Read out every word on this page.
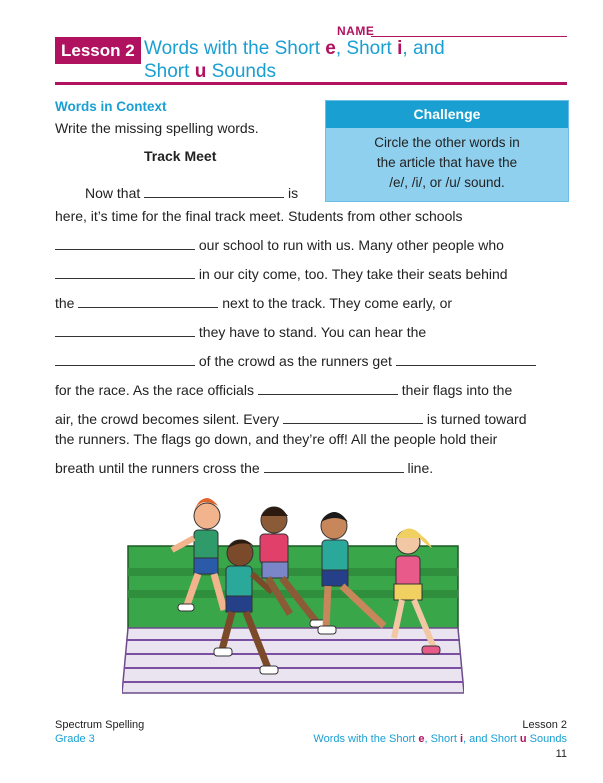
NAME
Lesson 2 Words with the Short e, Short i, and
Short u Sounds
Words in Context
Write the missing spelling words.
Track Meet
Challenge
Circle the other words in
the article that have the
/e/, /i/, or /u/ sound.
Now that	is
here, it’s time for the final track meet. Students from other schools
our school to run with us. Many other people who
in our city come, too. They take their seats behind
the	next to the track. They come early, or
they have to stand. You can hear the
of the crowd as the runners get
for the race. As the race officials	their flags into the
air, the crowd becomes silent. Every	is turned toward
the runners. The flags go down, and they’re off! All the people hold their
breath until the runners cross the	line.
Spectrum Spelling
Grade 3
Lesson 2
Words with the Short e, Short i, and Short u Sounds
11
